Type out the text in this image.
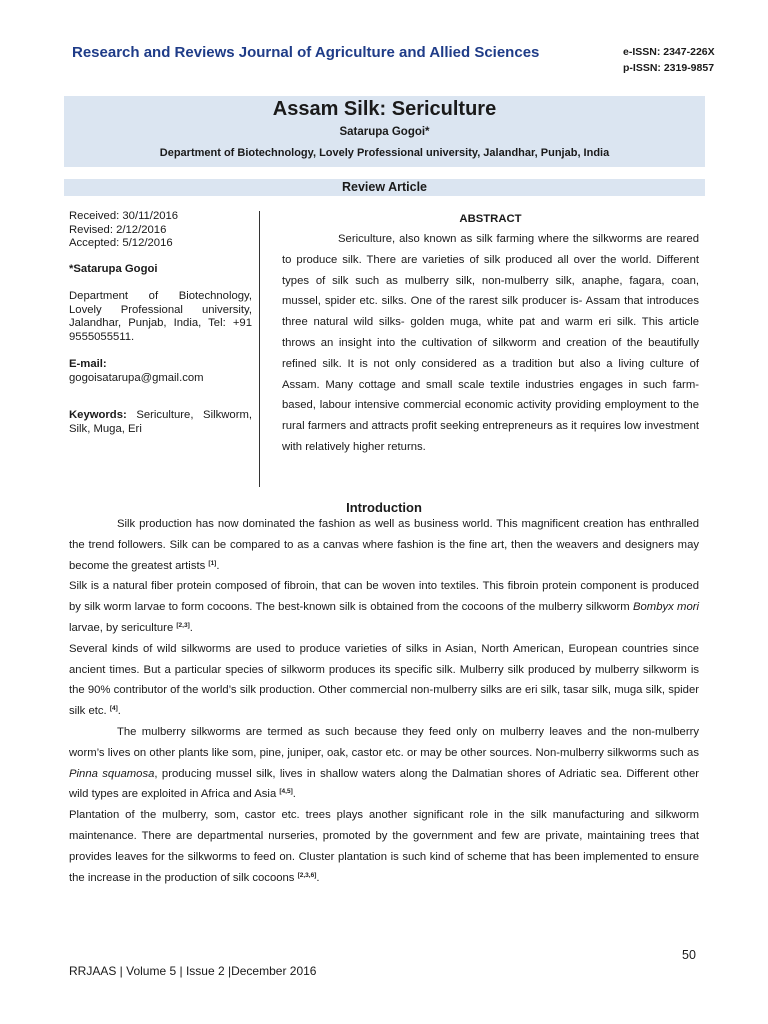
Research and Reviews Journal of Agriculture and Allied Sciences	e-ISSN: 2347-226X
p-ISSN: 2319-9857
Assam Silk: Sericulture
Satarupa Gogoi*
Department of Biotechnology, Lovely Professional university, Jalandhar, Punjab, India
Review Article
Received: 30/11/2016
Revised: 2/12/2016
Accepted: 5/12/2016
*Satarupa Gogoi
Department of Biotechnology, Lovely Professional university, Jalandhar, Punjab, India, Tel: +91 9555055511.
E-mail:
gogoisatarupa@gmail.com
Keywords: Sericulture, Silkworm, Silk, Muga, Eri
ABSTRACT

Sericulture, also known as silk farming where the silkworms are reared to produce silk. There are varieties of silk produced all over the world. Different types of silk such as mulberry silk, non-mulberry silk, anaphe, fagara, coan, mussel, spider etc. silks. One of the rarest silk producer is- Assam that introduces three natural wild silks- golden muga, white pat and warm eri silk. This article throws an insight into the cultivation of silkworm and creation of the beautifully refined silk. It is not only considered as a tradition but also a living culture of Assam. Many cottage and small scale textile industries engages in such farm-based, labour intensive commercial economic activity providing employment to the rural farmers and attracts profit seeking entrepreneurs as it requires low investment with relatively higher returns.

Introduction

Silk production has now dominated the fashion as well as business world. This magnificent creation has enthralled the trend followers. Silk can be compared to as a canvas where fashion is the fine art, then the weavers and designers may become the greatest artists [1].

Silk is a natural fiber protein composed of fibroin, that can be woven into textiles. This fibroin protein component is produced by silk worm larvae to form cocoons. The best-known silk is obtained from the cocoons of the mulberry silkworm Bombyx mori larvae, by sericulture [2,3].

Several kinds of wild silkworms are used to produce varieties of silks in Asian, North American, European countries since ancient times. But a particular species of silkworm produces its specific silk. Mulberry silk produced by mulberry silkworm is the 90% contributor of the world’s silk production. Other commercial non-mulberry silks are eri silk, tasar silk, muga silk, spider silk etc. [4].

The mulberry silkworms are termed as such because they feed only on mulberry leaves and the non-mulberry worm’s lives on other plants like som, pine, juniper, oak, castor etc. or may be other sources. Non-mulberry silkworms such as Pinna squamosa, producing mussel silk, lives in shallow waters along the Dalmatian shores of Adriatic sea. Different other wild types are exploited in Africa and Asia [4,5].

Plantation of the mulberry, som, castor etc. trees plays another significant role in the silk manufacturing and silkworm maintenance. There are departmental nurseries, promoted by the government and few are private, maintaining trees that provides leaves for the silkworms to feed on. Cluster plantation is such kind of scheme that has been implemented to ensure the increase in the production of silk cocoons [2,3,6].

50
RRJAAS | Volume 5 | Issue 2 |December 2016
